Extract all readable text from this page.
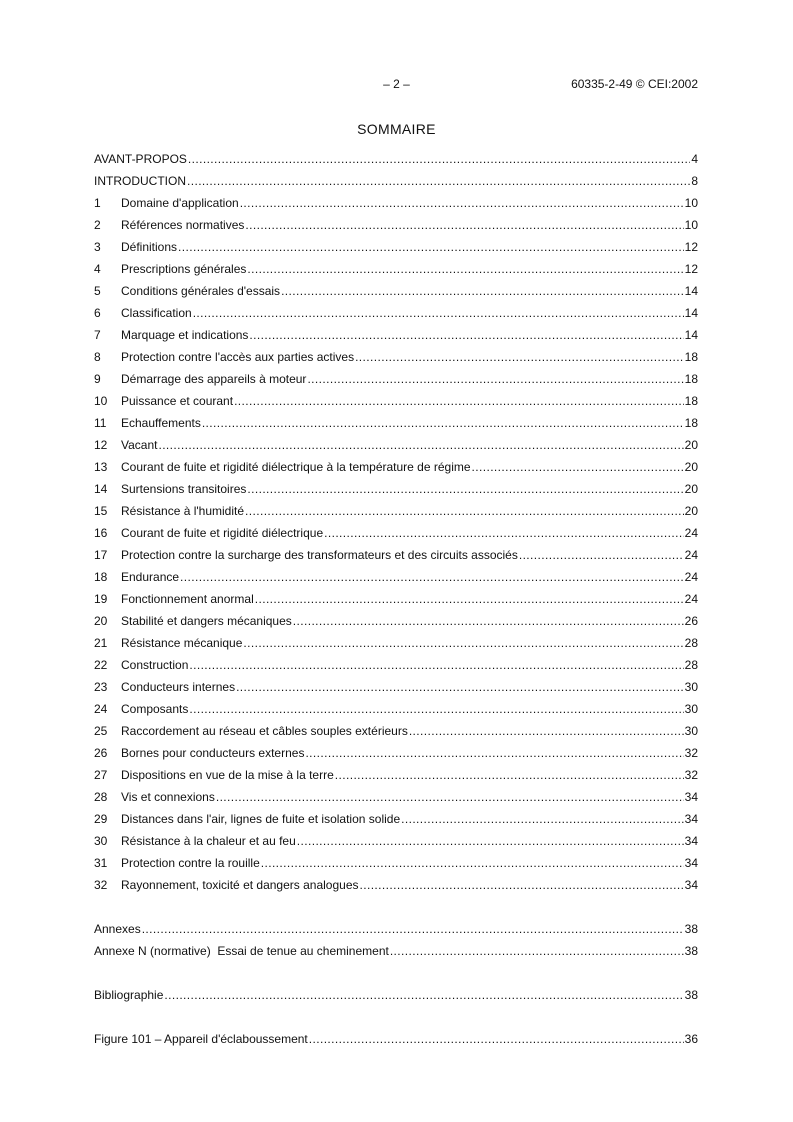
– 2 –	60335-2-49 © CEI:2002
SOMMAIRE
AVANT-PROPOS .....	4
INTRODUCTION .....	8
1	Domaine d'application .....	10
2	Références normatives .....	10
3	Définitions .....	12
4	Prescriptions générales .....	12
5	Conditions générales d'essais .....	14
6	Classification .....	14
7	Marquage et indications .....	14
8	Protection contre l'accès aux parties actives .....	18
9	Démarrage des appareils à moteur .....	18
10	Puissance et courant .....	18
11	Echauffements .....	18
12	Vacant .....	20
13	Courant de fuite et rigidité diélectrique à la température de régime .....	20
14	Surtensions transitoires .....	20
15	Résistance à l'humidité .....	20
16	Courant de fuite et rigidité diélectrique .....	24
17	Protection contre la surcharge des transformateurs et des circuits associés .....	24
18	Endurance .....	24
19	Fonctionnement anormal .....	24
20	Stabilité et dangers mécaniques .....	26
21	Résistance mécanique .....	28
22	Construction .....	28
23	Conducteurs internes .....	30
24	Composants .....	30
25	Raccordement au réseau et câbles souples extérieurs .....	30
26	Bornes pour conducteurs externes .....	32
27	Dispositions en vue de la mise à la terre .....	32
28	Vis et connexions .....	34
29	Distances dans l'air, lignes de fuite et isolation solide .....	34
30	Résistance à la chaleur et au feu .....	34
31	Protection contre la rouille .....	34
32	Rayonnement, toxicité et dangers analogues .....	34
Annexes .....	38
Annexe N (normative)  Essai de tenue au cheminement .....	38
Bibliographie .....	38
Figure 101 – Appareil d'éclaboussement .....	36
